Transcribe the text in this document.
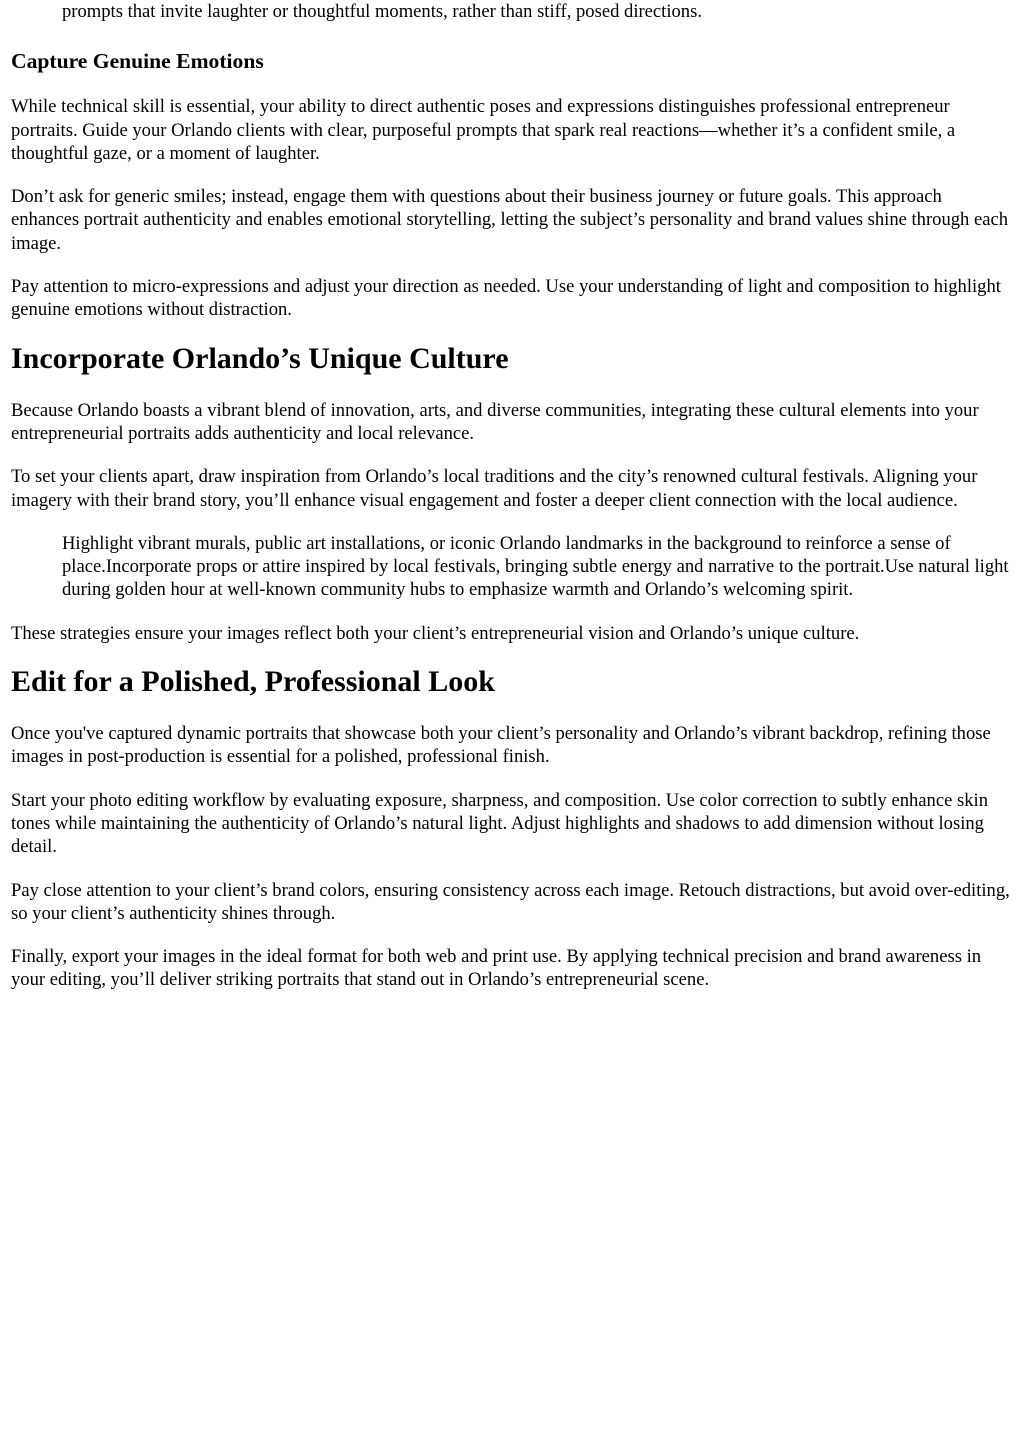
prompts that invite laughter or thoughtful moments, rather than stiff, posed directions.

Capture Genuine Emotions

While technical skill is essential, your ability to direct authentic poses and expressions distinguishes professional entrepreneur portraits. Guide your Orlando clients with clear, purposeful prompts that spark real reactions—whether it’s a confident smile, a thoughtful gaze, or a moment of laughter.

Don’t ask for generic smiles; instead, engage them with questions about their business journey or future goals. This approach enhances portrait authenticity and enables emotional storytelling, letting the subject’s personality and brand values shine through each image.

Pay attention to micro-expressions and adjust your direction as needed. Use your understanding of light and composition to highlight genuine emotions without distraction.

Incorporate Orlando’s Unique Culture

Because Orlando boasts a vibrant blend of innovation, arts, and diverse communities, integrating these cultural elements into your entrepreneurial portraits adds authenticity and local relevance.

To set your clients apart, draw inspiration from Orlando’s local traditions and the city’s renowned cultural festivals. Aligning your imagery with their brand story, you’ll enhance visual engagement and foster a deeper client connection with the local audience.

Highlight vibrant murals, public art installations, or iconic Orlando landmarks in the background to reinforce a sense of place.Incorporate props or attire inspired by local festivals, bringing subtle energy and narrative to the portrait.Use natural light during golden hour at well-known community hubs to emphasize warmth and Orlando’s welcoming spirit.

These strategies ensure your images reflect both your client’s entrepreneurial vision and Orlando’s unique culture.

Edit for a Polished, Professional Look

Once you've captured dynamic portraits that showcase both your client’s personality and Orlando’s vibrant backdrop, refining those images in post-production is essential for a polished, professional finish.

Start your photo editing workflow by evaluating exposure, sharpness, and composition. Use color correction to subtly enhance skin tones while maintaining the authenticity of Orlando’s natural light. Adjust highlights and shadows to add dimension without losing detail.

Pay close attention to your client’s brand colors, ensuring consistency across each image. Retouch distractions, but avoid over-editing, so your client’s authenticity shines through.

Finally, export your images in the ideal format for both web and print use. By applying technical precision and brand awareness in your editing, you’ll deliver striking portraits that stand out in Orlando’s entrepreneurial scene.
